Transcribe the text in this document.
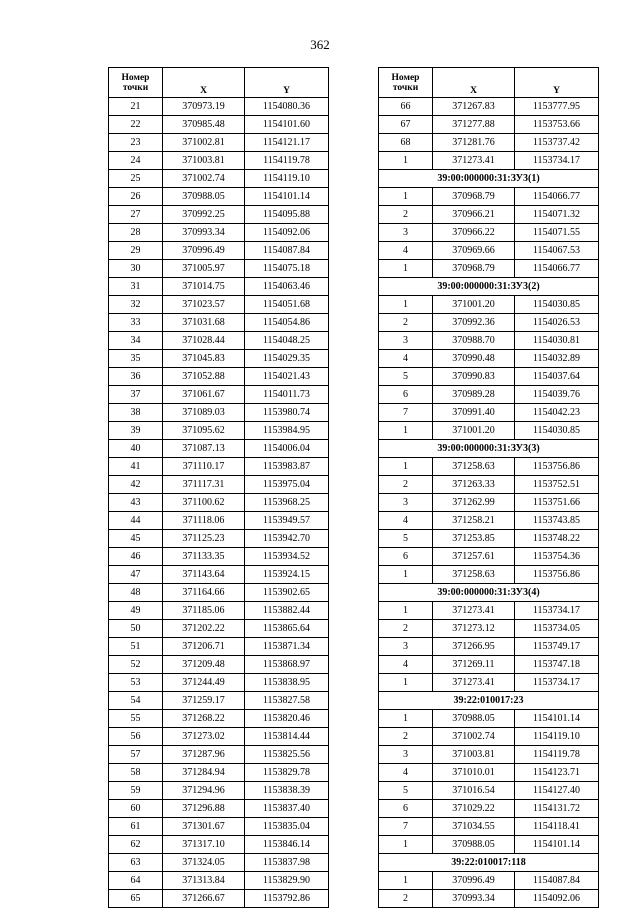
362
Номер точки	X	Y
21	370973.19	1154080.36
22	370985.48	1154101.60
23	371002.81	1154121.17
24	371003.81	1154119.78
25	371002.74	1154119.10
26	370988.05	1154101.14
27	370992.25	1154095.88
28	370993.34	1154092.06
29	370996.49	1154087.84
30	371005.97	1154075.18
31	371014.75	1154063.46
32	371023.57	1154051.68
33	371031.68	1154054.86
34	371028.44	1154048.25
35	371045.83	1154029.35
36	371052.88	1154021.43
37	371061.67	1154011.73
38	371089.03	1153980.74
39	371095.62	1153984.95
40	371087.13	1154006.04
41	371110.17	1153983.87
42	371117.31	1153975.04
43	371100.62	1153968.25
44	371118.06	1153949.57
45	371125.23	1153942.70
46	371133.35	1153934.52
47	371143.64	1153924.15
48	371164.66	1153902.65
49	371185.06	1153882.44
50	371202.22	1153865.64
51	371206.71	1153871.34
52	371209.48	1153868.97
53	371244.49	1153838.95
54	371259.17	1153827.58
55	371268.22	1153820.46
56	371273.02	1153814.44
57	371287.96	1153825.56
58	371284.94	1153829.78
59	371294.96	1153838.39
60	371296.88	1153837.40
61	371301.67	1153835.04
62	371317.10	1153846.14
63	371324.05	1153837.98
64	371313.84	1153829.90
65	371266.67	1153792.86
Номер точки	X	Y
66	371267.83	1153777.95
67	371277.88	1153753.66
68	371281.76	1153737.42
1	371273.41	1153734.17
39:00:000000:31:ЗУ3(1)		
1	370968.79	1154066.77
2	370966.21	1154071.32
3	370966.22	1154071.55
4	370969.66	1154067.53
1	370968.79	1154066.77
39:00:000000:31:ЗУ3(2)		
1	371001.20	1154030.85
2	370992.36	1154026.53
3	370988.70	1154030.81
4	370990.48	1154032.89
5	370990.83	1154037.64
6	370989.28	1154039.76
7	370991.40	1154042.23
1	371001.20	1154030.85
39:00:000000:31:ЗУ3(3)		
1	371258.63	1153756.86
2	371263.33	1153752.51
3	371262.99	1153751.66
4	371258.21	1153743.85
5	371253.85	1153748.22
6	371257.61	1153754.36
1	371258.63	1153756.86
39:00:000000:31:ЗУ3(4)		
1	371273.41	1153734.17
2	371273.12	1153734.05
3	371266.95	1153749.17
4	371269.11	1153747.18
1	371273.41	1153734.17
39:22:010017:23		
1	370988.05	1154101.14
2	371002.74	1154119.10
3	371003.81	1154119.78
4	371010.01	1154123.71
5	371016.54	1154127.40
6	371029.22	1154131.72
7	371034.55	1154118.41
1	370988.05	1154101.14
39:22:010017:118		
1	370996.49	1154087.84
2	370993.34	1154092.06
